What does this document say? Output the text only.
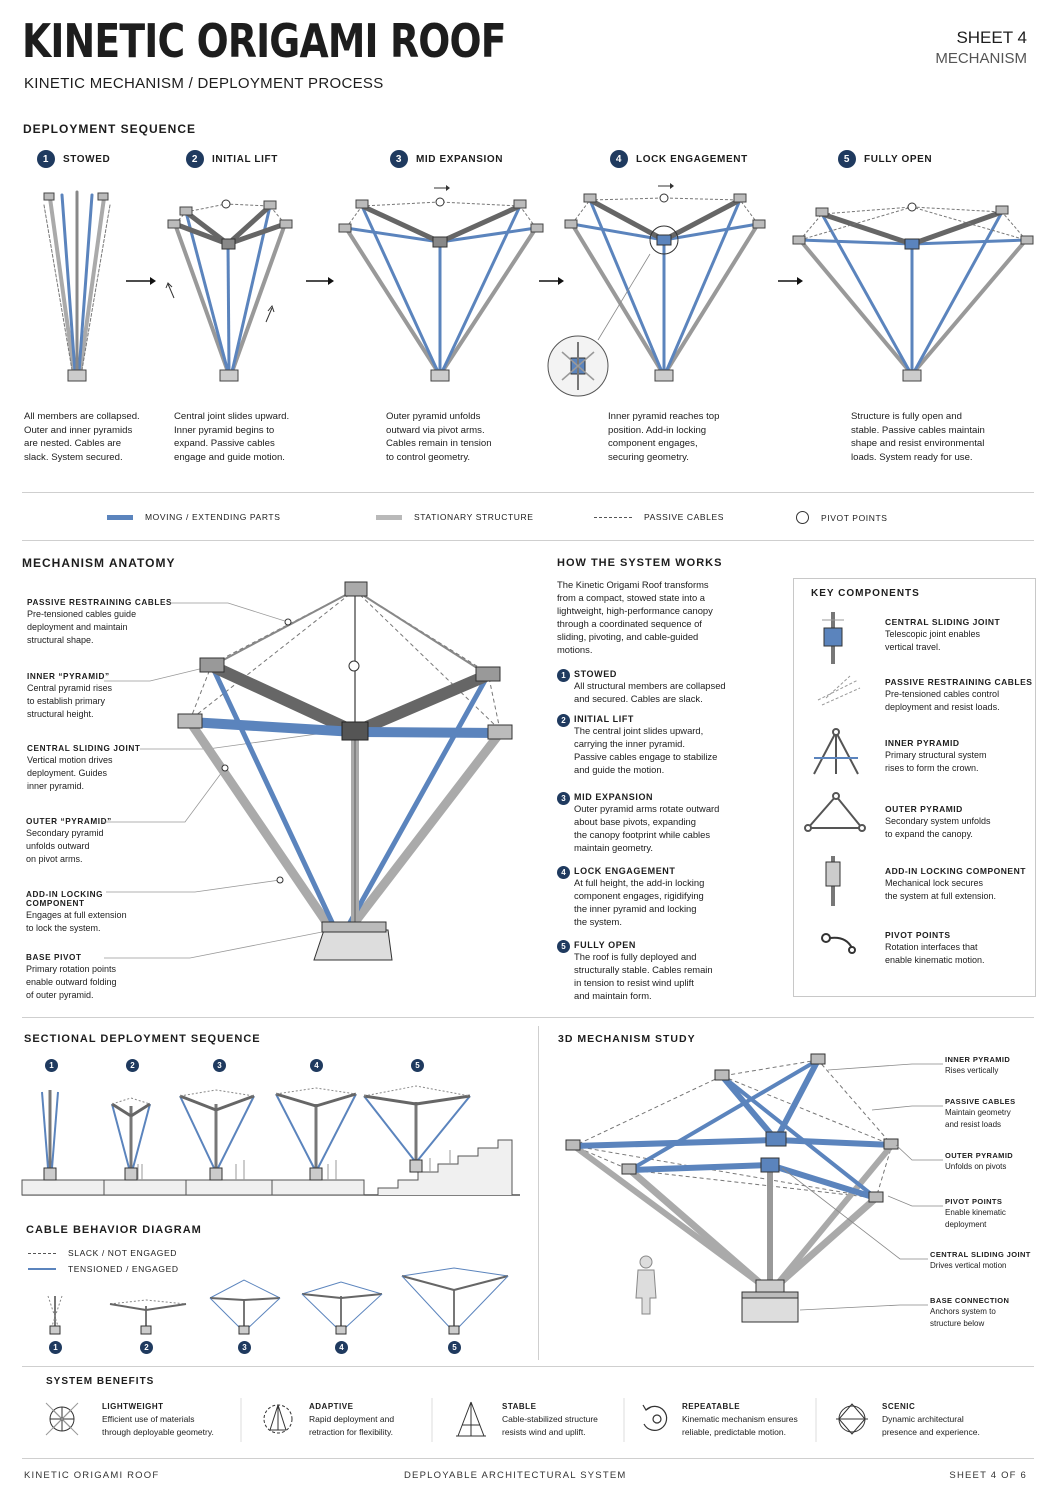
KINETIC ORIGAMI ROOF
KINETIC MECHANISM / DEPLOYMENT PROCESS
SHEET 4
MECHANISM
DEPLOYMENT SEQUENCE
1	STOWED	2	INITIAL LIFT	3	MID EXPANSION	4	LOCK ENGAGEMENT	5	FULLY OPEN
All members are collapsed.
Outer and inner pyramids
are nested. Cables are
slack. System secured.
Central joint slides upward.
Inner pyramid begins to
expand. Passive cables
engage and guide motion.
Outer pyramid unfolds
outward via pivot arms.
Cables remain in tension
to control geometry.
Inner pyramid reaches top
position. Add-in locking
component engages,
securing geometry.
Structure is fully open and
stable. Passive cables maintain
shape and resist environmental
loads. System ready for use.
MOVING / EXTENDING PARTS	STATIONARY STRUCTURE	PASSIVE CABLES	PIVOT POINTS
MECHANISM ANATOMY
PASSIVE RESTRAINING CABLES

Pre-tensioned cables guide
deployment and maintain
structural shape.

INNER “PYRAMID”

Central pyramid rises
to establish primary
structural height.

CENTRAL SLIDING JOINT

Vertical motion drives
deployment. Guides
inner pyramid.

OUTER “PYRAMID”

Secondary pyramid
unfolds outward
on pivot arms.

ADD-IN LOCKING
COMPONENT

Engages at full extension
to lock the system.

BASE PIVOT

Primary rotation points
enable outward folding
of outer pyramid.

HOW THE SYSTEM WORKS
The Kinetic Origami Roof transforms
from a compact, stowed state into a
lightweight, high-performance canopy
through a coordinated sequence of
sliding, pivoting, and cable-guided
motions.
1 STOWED
All structural members are collapsed
and secured. Cables are slack.
2 INITIAL LIFT
The central joint slides upward,
carrying the inner pyramid.
Passive cables engage to stabilize
and guide the motion.
3 MID EXPANSION
Outer pyramid arms rotate outward
about base pivots, expanding
the canopy footprint while cables
maintain geometry.
4 LOCK ENGAGEMENT
At full height, the add-in locking
component engages, rigidifying
the inner pyramid and locking
the system.
5 FULLY OPEN
The roof is fully deployed and
structurally stable. Cables remain
in tension to resist wind uplift
and maintain form.
KEY COMPONENTS
CENTRAL SLIDING JOINT

Telescopic joint enables
vertical travel.

PASSIVE RESTRAINING CABLES

Pre-tensioned cables control
deployment and resist loads.

INNER PYRAMID

Primary structural system
rises to form the crown.

OUTER PYRAMID

Secondary system unfolds
to expand the canopy.

ADD-IN LOCKING COMPONENT

Mechanical lock secures
the system at full extension.

PIVOT POINTS

Rotation interfaces that
enable kinematic motion.

SECTIONAL DEPLOYMENT SEQUENCE
1	2	3	4	5
CABLE BEHAVIOR DIAGRAM
SLACK / NOT ENGAGED
TENSIONED / ENGAGED
1	2	3	4	5
3D MECHANISM STUDY
INNER PYRAMID

Rises vertically

PASSIVE CABLES

Maintain geometry
and resist loads

OUTER PYRAMID

Unfolds on pivots

PIVOT POINTS

Enable kinematic
deployment

CENTRAL SLIDING JOINT

Drives vertical motion

BASE CONNECTION

Anchors system to
structure below

SYSTEM BENEFITS
LIGHTWEIGHT

Efficient use of materials
through deployable geometry.

ADAPTIVE

Rapid deployment and
retraction for flexibility.

STABLE

Cable-stabilized structure
resists wind and uplift.

REPEATABLE

Kinematic mechanism ensures
reliable, predictable motion.

SCENIC

Dynamic architectural
presence and experience.

KINETIC ORIGAMI ROOF	DEPLOYABLE ARCHITECTURAL SYSTEM	SHEET 4 OF 6
